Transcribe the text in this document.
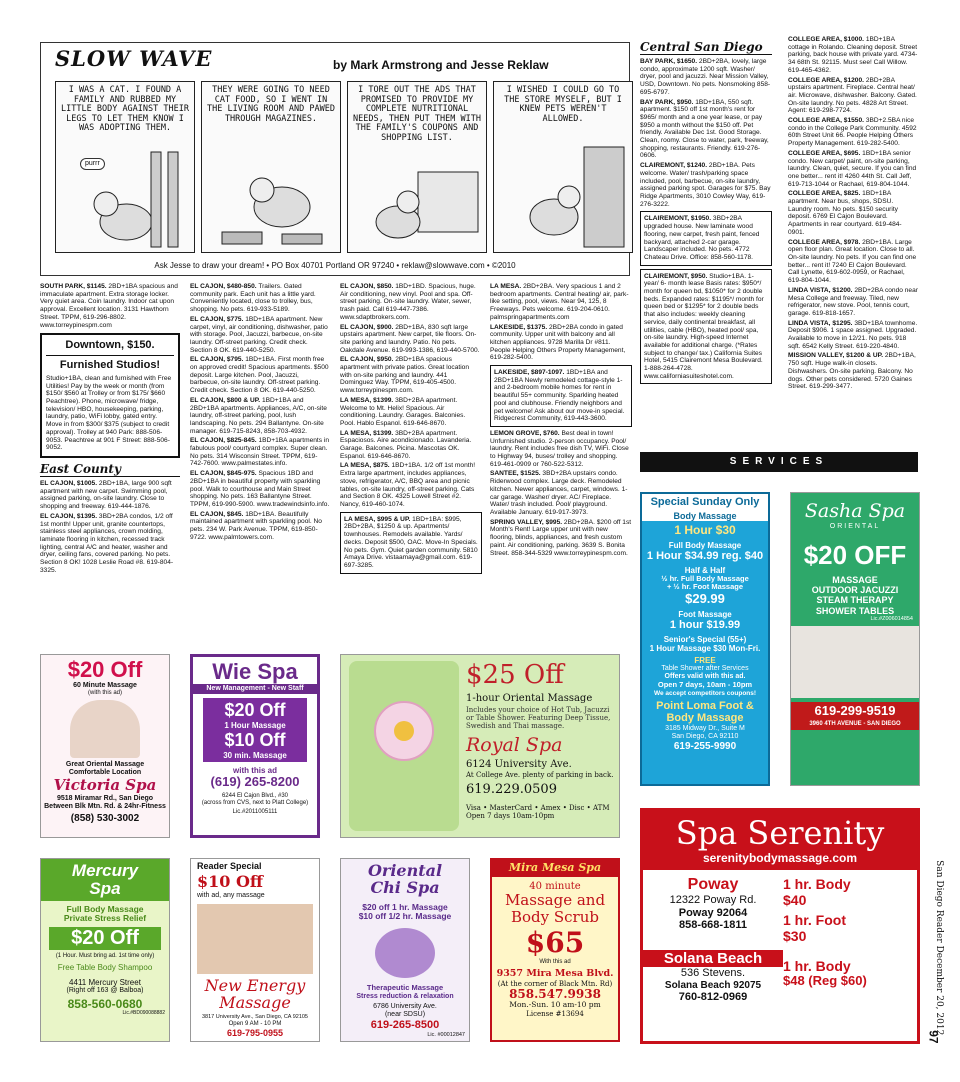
SLOW WAVE	by Mark Armstrong and Jesse Reklaw
I WAS A CAT. I FOUND A FAMILY AND RUBBED MY LITTLE BODY AGAINST THEIR LEGS TO LET THEM KNOW I WAS ADOPTING THEM.
purrr
THEY WERE GOING TO NEED CAT FOOD, SO I WENT IN THE LIVING ROOM AND PAWED THROUGH MAGAZINES.
I TORE OUT THE ADS THAT PROMISED TO PROVIDE MY COMPLETE NUTRITIONAL NEEDS, THEN PUT THEM WITH THE FAMILY'S COUPONS AND SHOPPING LIST.
I WISHED I COULD GO TO THE STORE MYSELF, BUT I KNEW PETS WEREN'T ALLOWED.
Ask Jesse to draw your dream! • PO Box 40701 Portland OR 97240 • reklaw@slowwave.com • ©2010

SOUTH PARK, $1145. 2BD+1BA spacious and immaculate apartment. Extra storage locker. Very quiet area. Coin laundry. Indoor cat upon approval. Excellent location. 3131 Hawthorn Street. TPPM, 619-296-8802. www.torreypinespm.com

Downtown, $150.
Furnished Studios!
Studio+1BA, clean and furnished with Free Utilities! Pay by the week or month (from $150/ $560 at Trolley or from $175/ $660 Peachtree). Phone, microwave/ fridge, television/ HBO, housekeeping, parking, laundry, patio, WiFi lobby, gated entry. Move in from $300/ $375 (subject to credit approval). Trolley at 940 Park: 888-506-9053. Peachtree at 901 F Street: 888-506-9052.
East County

EL CAJON, $1005. 2BD+1BA, large 900 sqft apartment with new carpet. Swimming pool, assigned parking, on-site laundry. Close to shopping and freeway. 619-444-1876.

EL CAJON, $1395. 3BD+2BA condos, 1/2 off 1st month! Upper unit, granite countertops, stainless steel appliances, crown molding, laminate flooring in kitchen, recessed track lighting, central A/C and heater, washer and dryer, ceiling fans, covered parking. No pets. Section 8 OK! 1028 Leslie Road #8. 619-804-3325.

EL CAJON, $480-850. Trailers. Gated community park. Each unit has a little yard. Conveniently located, close to trolley, bus, shopping. No pets. 619-933-5189.

EL CAJON, $775. 1BD+1BA apartment. New carpet, vinyl, air conditioning, dishwasher, patio with storage. Pool, Jacuzzi, barbecue, on-site laundry. Off-street parking. Credit check. Section 8 OK. 619-440-5250.

EL CAJON, $795. 1BD+1BA. First month free on approved credit! Spacious apartments. $500 deposit. Large kitchen. Pool, Jacuzzi, barbecue, on-site laundry. Off-street parking. Credit check. Section 8 OK. 619-440-5250.

EL CAJON, $800 & UP. 1BD+1BA and 2BD+1BA apartments. Appliances, A/C, on-site laundry, off-street parking, pool, lush landscaping. No pets. 294 Ballantyne. On-site manager. 619-715-8243, 858-703-4932.

EL CAJON, $825-845. 1BD+1BA apartments in fabulous pool/ courtyard complex. Super clean. No pets. 314 Wisconsin Street. TPPM, 619-742-7600. www.palmestates.info.

EL CAJON, $845-975. Spacious 1BD and 2BD+1BA in beautiful property with sparkling pool. Walk to courthouse and Main Street shopping. No pets. 163 Ballantyne Street. TPPM, 619-990-5900. www.tradewindsinfo.info.

EL CAJON, $845. 1BD+1BA. Beautifully maintained apartment with sparkling pool. No pets. 234 W. Park Avenue. TPPM, 619-850-9722. www.palmtowers.com.

EL CAJON, $850. 1BD+1BD. Spacious, huge. Air conditioning, new vinyl. Pool and spa. Off-street parking. On-site laundry. Water, sewer, trash paid. Call 619-447-7386. www.sdaptbrokers.com.

EL CAJON, $900. 2BD+1BA, 830 sqft large upstairs apartment. New carpet, tile floors. On-site parking and laundry. Patio. No pets. Oakdale Avenue. 619-993-1386, 619-440-5700.

EL CAJON, $950. 2BD+1BA spacious apartment with private patios. Great location with on-site parking and laundry. 441 Dominguez Way. TPPM, 619-405-4500. www.torreypinespm.com.

LA MESA, $1399. 3BD+2BA apartment. Welcome to Mt. Helix! Spacious. Air conditioning. Laundry. Garages. Balconies. Pool. Hablo Espanol. 619-646-8670.

LA MESA, $1399. 3BD+2BA apartment. Espaciosos. Aire acondicionado. Lavanderia. Garage. Balcones. Picina. Mascotas OK. Espanol. 619-646-8670.

LA MESA, $875. 1BD+1BA. 1/2 off 1st month! Extra large apartment, includes appliances, stove, refrigerator, A/C, BBQ area and picnic tables, on-site laundry, off-street parking. Cats and Section 8 OK. 4325 Lowell Street #2. Nancy, 619-460-1074.

LA MESA, $995 & UP. 1BD+1BA: $995, 2BD+2BA, $1250 & up. Apartments/ townhouses. Remodels available. Yards/ decks. Deposit $500, OAC. Move-In Specials. No pets. Gym. Quiet garden community. 5810 Amaya Drive. vistaamaya@gmail.com. 619-697-3285.

LA MESA. 2BD+2BA. Very spacious 1 and 2 bedroom apartments. Central heating/ air, park-like setting, pool, views. Near 94, 125, 8 Freeways. Pets welcome. 619-204-0610. palmspringapartments.com

LAKESIDE, $1375. 2BD+2BA condo in gated community. Upper unit with balcony and all kitchen appliances. 9728 Marilla Dr #811. People Helping Others Property Management, 619-282-5400.

LAKESIDE, $897-1097. 1BD+1BA and 2BD+1BA Newly remodeled cottage-style 1- and 2-bedroom mobile homes for rent in beautiful 55+ community. Sparkling heated pool and clubhouse. Friendly neighbors and pet welcome! Ask about our move-in special. Ridgecrest Community, 619-443-3600.

LEMON GROVE, $760. Best deal in town! Unfurnished studio. 2-person occupancy. Pool/ laundry. Rent includes free dish TV, WiFi. Close to Highway 94, buses/ trolley and shopping. 619-461-0909 or 760-522-5312.

SANTEE, $1525. 3BD+2BA upstairs condo. Riderwood complex. Large deck. Remodeled kitchen. Newer appliances, carpet, windows. 1-car garage. Washer/ dryer. AC/ Fireplace. Water/ trash included. Pool/ playground. Available January. 619-917-3973.

SPRING VALLEY, $995. 2BD+2BA. $200 off 1st Month's Rent! Large upper unit with new flooring, blinds, appliances, and fresh custom paint. Air conditioning, parking. 3639 S. Bonita Street. 858-344-5329 www.torreypinespm.com.

Central San Diego

BAY PARK, $1650. 2BD+2BA, lovely, large condo, approximate 1200 sqft. Washer/ dryer, pool and jacuzzi. Near Mission Valley, USD, Downtown. No pets. Nonsmoking 858-695-6797.

BAY PARK, $950. 1BD+1BA, 550 sqft. apartment. $150 off 1st month's rent for $965/ month and a one year lease, or pay $950 a month without the $150 off. Pet friendly. Available Dec 1st. Good Storage. Clean, roomy. Close to water, park, freeway, shopping, restaurants. Friendly. 619-276-0606.

CLAIREMONT, $1240. 2BD+1BA. Pets welcome. Water/ trash/parking space included, pool, barbecue, on-site laundry, assigned parking spot. Garages for $75. Bay Ridge Apartments, 3010 Cowley Way, 619-276-3222.

CLAIREMONT, $1950. 3BD+2BA upgraded house. New laminate wood flooring, new carpet, fresh paint, fenced backyard, attached 2-car garage. Landscaper included. No pets. 4772 Chateau Drive. Office: 858-560-1178.
CLAIREMONT, $950. Studio+1BA. 1-year/ 6- month lease Basis rates: $950*/ month for queen bd, $1050* for 2 double beds. Expanded rates: $1195*/ month for queen bed or $1295* for 2 double beds that also includes: weekly cleaning service, daily continental breakfast, all utilities, cable (HBO), heated pool/ spa, on-site laundry. High-speed Internet available for additional charge. (*Rates subject to change/ tax.) California Suites Hotel, 5415 Clairemont Mesa Boulevard. 1-888-264-4728. www.californiasuiteshotel.com.

COLLEGE AREA, $1000. 1BD+1BA cottage in Rolando. Cleaning deposit. Street parking, back house with private yard. 4734-34 68th St. 92115. Must see! Call Willow. 619-465-4362.

COLLEGE AREA, $1200. 2BD+2BA upstairs apartment. Fireplace. Central heat/ air. Microwave, dishwasher. Balcony. Gated. On-site laundry. No pets. 4828 Art Street. Agent: 619-298-7724.

COLLEGE AREA, $1550. 3BD+2.5BA nice condo in the College Park Community. 4592 60th Street Unit 66. People Helping Others Property Management. 619-282-5400.

COLLEGE AREA, $695. 1BD+1BA senior condo. New carpet/ paint, on-site parking, laundry. Clean, quiet, secure. If you can find one better... rent it! 4260 44th St. Call Jeff, 619-713-1044 or Rachael, 619-804-1044.

COLLEGE AREA, $825. 1BD+1BA apartment. Near bus, shops, SDSU. Laundry room. No pets. $150 security deposit. 6769 El Cajon Boulevard. Apartments in rear courtyard. 619-484-0901.

COLLEGE AREA, $978. 2BD+1BA. Large open floor plan. Great location. Close to all. On-site laundry. No pets. If you can find one better... rent it! 7240 El Cajon Boulevard. Call Lynette, 619-602-0959, or Rachael, 619-804-1044.

LINDA VISTA, $1200. 2BD+2BA condo near Mesa College and freeway. Tiled, new refrigerator, new stove. Pool, tennis court, garage. 619-818-1657.

LINDA VISTA, $1295. 3BD+1BA townhome. Deposit $906. 1 space assigned. Upgraded. Available to move in 12/21. No pets. 918 sqft. 6542 Kelly Street. 619-220-4840.

MISSION VALLEY, $1200 & UP. 2BD+1BA, 750 sqft. Huge walk-in closets. Dishwashers. On-site parking. Balcony. No dogs. Other pets considered. 5720 Gaines Street. 619-299-3477.

SERVICES
$20 Off
60 Minute Massage
(with this ad)
Great Oriental Massage
Comfortable Location
Victoria Spa
9518 Miramar Rd., San Diego
Between Blk Mtn. Rd. & 24hr-Fitness
(858) 530-3002
Wie Spa
New Management - New Staff
$20 Off
1 Hour Massage
$10 Off
30 min. Massage
with this ad
(619) 265-8200
6244 El Cajon Blvd., #30
(across from CVS, next to Platt College)
Lic.#2011005111
$25 Off
1-hour Oriental Massage
Includes your choice of Hot Tub, Jacuzzi or Table Shower. Featuring Deep Tissue, Swedish and Thai massage.
Royal Spa
6124 University Ave.
At College Ave. plenty of parking in back.
619.229.0509
Visa • MasterCard • Amex • Disc • ATM
Open 7 days 10am-10pm
Special Sunday Only
Body Massage
1 Hour $30
Full Body Massage
1 Hour $34.99 reg. $40
Half & Half
½ hr. Full Body Massage
+ ½ hr. Foot Massage
$29.99
Foot Massage
1 hour $19.99
Senior's Special (55+)
1 Hour Massage $30 Mon-Fri.
FREE
Table Shower after Services
Offers valid with this ad.
Open 7 days, 10am - 10pm
We accept competitors coupons!
Point Loma Foot & Body Massage
3185 Midway Dr., Suite M
San Diego, CA 92110
619-255-9990
Sasha Spa
ORIENTAL
$20 OFF
MASSAGE
OUTDOOR JACUZZI
STEAM THERAPY
SHOWER TABLES
Lic.#Z006014854
619-299-9519
3960 4TH AVENUE - SAN DIEGO
Mercury
Spa
Full Body Massage
Private Stress Relief
$20 Off
(1 Hour. Must bring ad. 1st time only)
Free Table Body Shampoo
4411 Mercury Street
(Right off 163 @ Balboa)
858-560-0680
Lic.#BD090088882
Reader Special
$10 Off
with ad, any massage
New Energy Massage
3817 University Ave., San Diego, CA 92105
Open 9 AM - 10 PM
619-795-0955
Oriental
Chi Spa
$20 off 1 hr. Massage
$10 off 1/2 hr. Massage
Therapeutic Massage
Stress reduction & relaxation
6786 University Ave.
(near SDSU)
619-265-8500
Lic. #00012847
Mira Mesa Spa
40 minute
Massage and
Body Scrub
$65
With this ad
9357 Mira Mesa Blvd.
(At the corner of Black Mtn. Rd)
858.547.9938
Mon.-Sun. 10 am-10 pm
License #13694
Spa Serenity
serenitybodymassage.com
Poway
12322 Poway Rd.
Poway 92064
858-668-1811
1 hr. Body
$40
1 hr. Foot
$30
Solana Beach
536 Stevens.
Solana Beach 92075
760-812-0969
1 hr. Body
$48 (Reg $60)	San Diego Reader December 20, 2012
97
